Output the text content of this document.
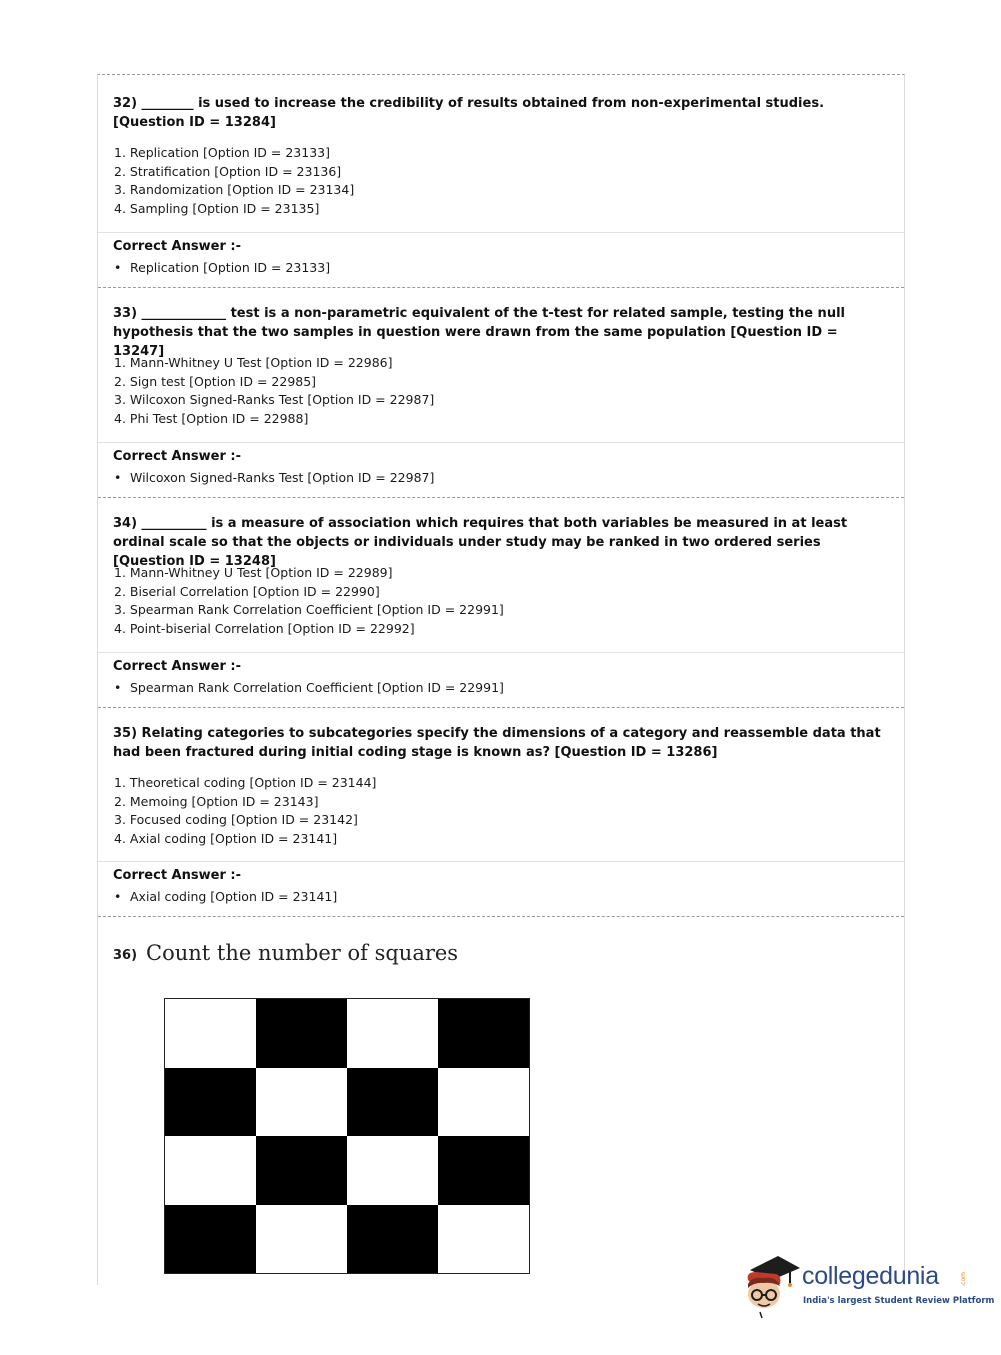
32) ________ is used to increase the credibility of results obtained from non-experimental studies. [Question ID = 13284]
1. Replication [Option ID = 23133]
2. Stratification [Option ID = 23136]
3. Randomization [Option ID = 23134]
4. Sampling [Option ID = 23135]
Correct Answer :-
• Replication [Option ID = 23133]
33) _____________ test is a non-parametric equivalent of the t-test for related sample, testing the null hypothesis that the two samples in question were drawn from the same population [Question ID = 13247]
1. Mann-Whitney U Test [Option ID = 22986]
2. Sign test [Option ID = 22985]
3. Wilcoxon Signed-Ranks Test [Option ID = 22987]
4. Phi Test [Option ID = 22988]
Correct Answer :-
• Wilcoxon Signed-Ranks Test [Option ID = 22987]
34) __________ is a measure of association which requires that both variables be measured in at least ordinal scale so that the objects or individuals under study may be ranked in two ordered series [Question ID = 13248]
1. Mann-Whitney U Test [Option ID = 22989]
2. Biserial Correlation [Option ID = 22990]
3. Spearman Rank Correlation Coefficient [Option ID = 22991]
4. Point-biserial Correlation [Option ID = 22992]
Correct Answer :-
• Spearman Rank Correlation Coefficient [Option ID = 22991]
35) Relating categories to subcategories specify the dimensions of a category and reassemble data that had been fractured during initial coding stage is known as? [Question ID = 13286]
1. Theoretical coding [Option ID = 23144]
2. Memoing [Option ID = 23143]
3. Focused coding [Option ID = 23142]
4. Axial coding [Option ID = 23141]
Correct Answer :-
• Axial coding [Option ID = 23141]
36) Count the number of squares
collegedunia	.com
India's largest Student Review Platform
